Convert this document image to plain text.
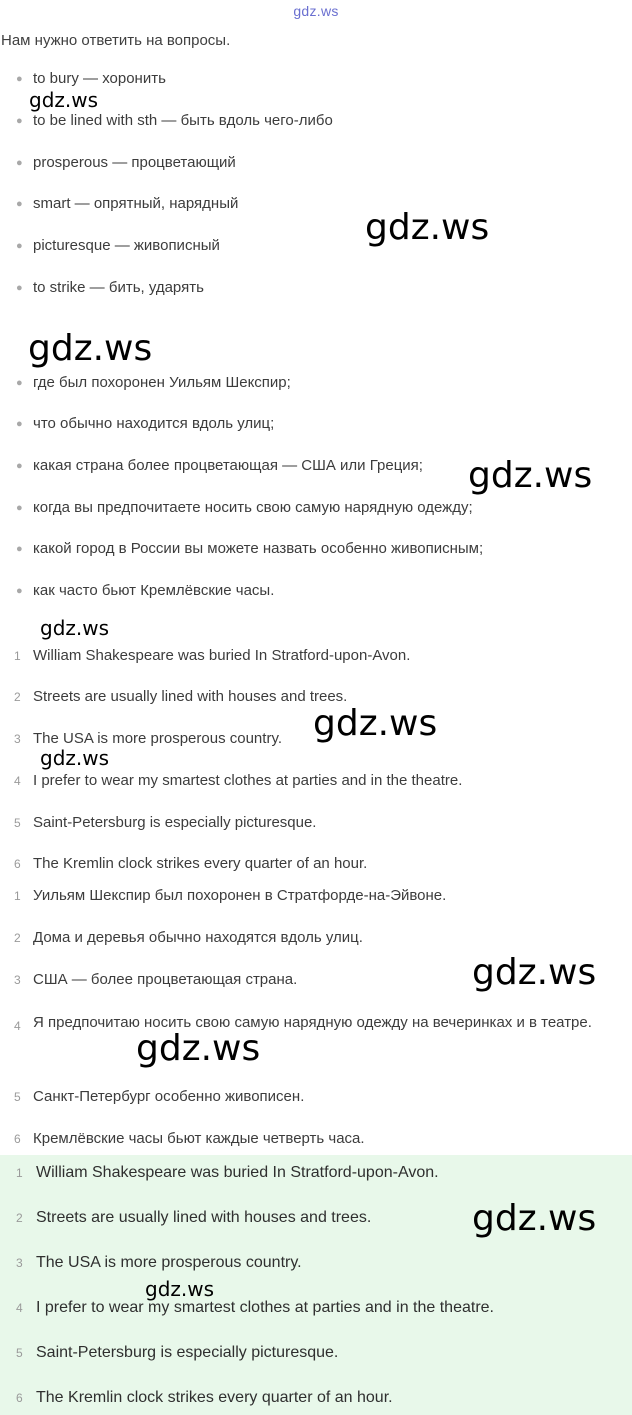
gdz.ws
Нам нужно ответить на вопросы.
● to bury — хоронить
● to be lined with sth — быть вдоль чего-либо
● prosperous — процветающий
● smart — опрятный, нарядный
● picturesque — живописный
● to strike — бить, ударять
● где был похоронен Уильям Шекспир;
● что обычно находится вдоль улиц;
● какая страна более процветающая — США или Греция;
● когда вы предпочитаете носить свою самую нарядную одежду;
● какой город в России вы можете назвать особенно живописным;
● как часто бьют Кремлёвские часы.
1 William Shakespeare was buried In Stratford-upon-Avon.
2 Streets are usually lined with houses and trees.
3 The USA is more prosperous country.
4 I prefer to wear my smartest clothes at parties and in the theatre.
5 Saint-Petersburg is especially picturesque.
6 The Kremlin clock strikes every quarter of an hour.
1 Уильям Шекспир был похоронен в Стратфорде-на-Эйвоне.
2 Дома и деревья обычно находятся вдоль улиц.
3 США — более процветающая страна.
4 Я предпочитаю носить свою самую нарядную одежду на вечеринках и в театре.
5 Санкт-Петербург особенно живописен.
6 Кремлёвские часы бьют каждые четверть часа.
1 William Shakespeare was buried In Stratford-upon-Avon.
2 Streets are usually lined with houses and trees.
3 The USA is more prosperous country.
4 I prefer to wear my smartest clothes at parties and in the theatre.
5 Saint-Petersburg is especially picturesque.
6 The Kremlin clock strikes every quarter of an hour.
gdz.ws
gdz.ws
gdz.ws
gdz.ws
gdz.ws
gdz.ws
gdz.ws
gdz.ws
gdz.ws
gdz.ws
gdz.ws
